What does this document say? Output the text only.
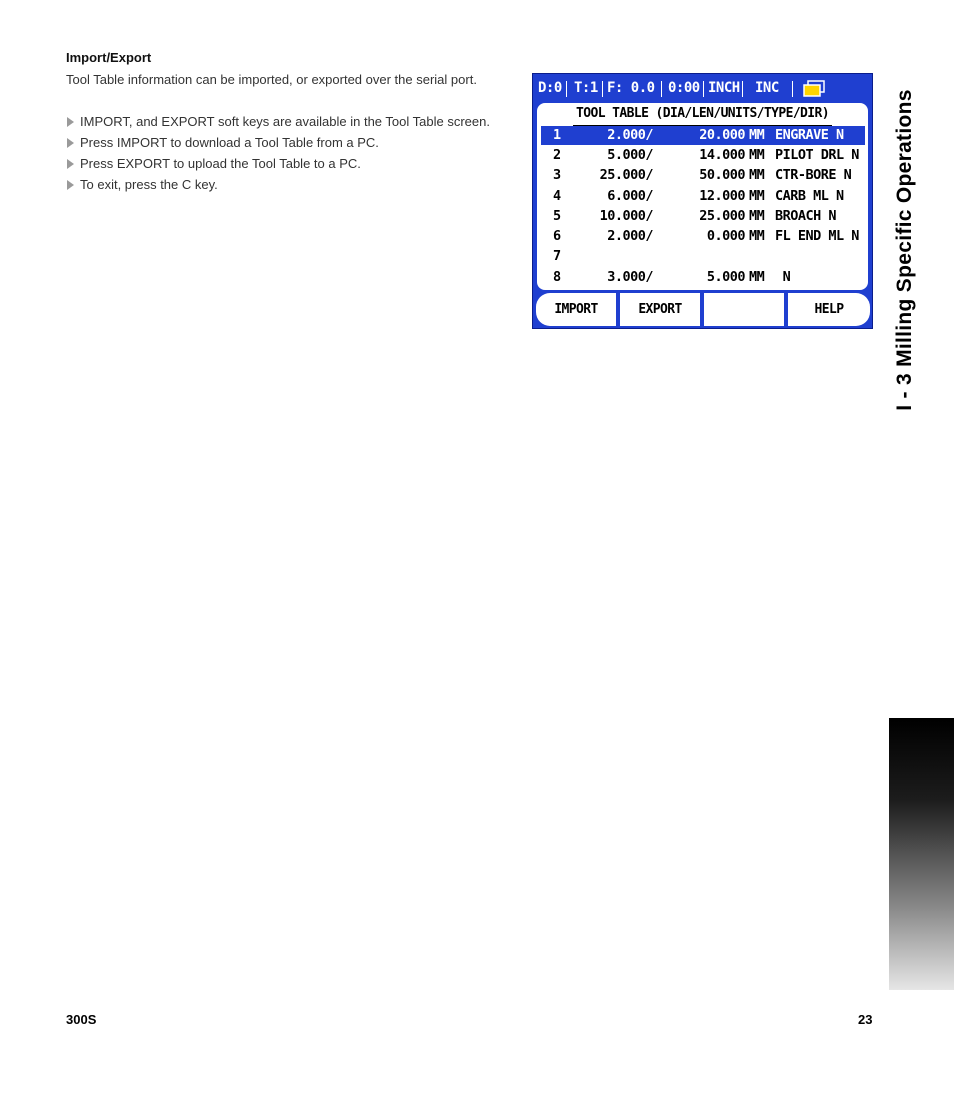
Import/Export
Tool Table information can be imported, or exported over the serial port.
IMPORT, and EXPORT soft keys are available in the Tool Table screen.
Press IMPORT to download a Tool Table from a PC.
Press EXPORT to upload the Tool Table to a PC.
To exit, press the C key.
D:0 T:1 F: 0.0 0:00 INCH INC
TOOL TABLE (DIA/LEN/UNITS/TYPE/DIR)
1	2.000/	20.000 MM ENGRAVE N
2	5.000/	14.000 MM PILOT DRL N
3	25.000/	50.000 MM CTR-BORE N
4	6.000/	12.000 MM CARB ML N
5	10.000/	25.000 MM BROACH N
6	2.000/	0.000 MM FL END ML N
7
8	3.000/	5.000 MM N
IMPORT	EXPORT	HELP	I - 3 Milling Specific Operations
300S	23
